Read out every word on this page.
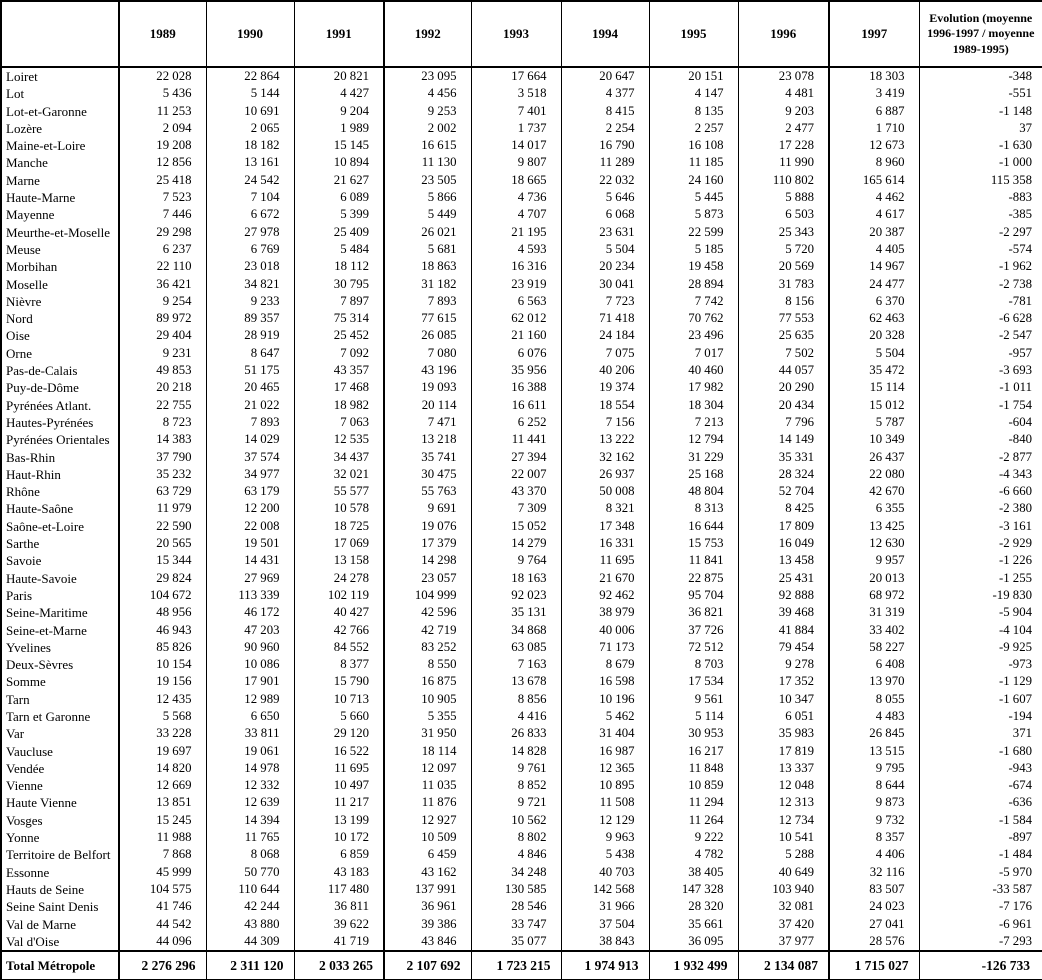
	1989	1990	1991	1992	1993	1994	1995	1996	1997	Evolution (moyenne 1996-1997 / moyenne 1989-1995)
Loiret	22 028	22 864	20 821	23 095	17 664	20 647	20 151	23 078	18 303	-348
Lot	5 436	5 144	4 427	4 456	3 518	4 377	4 147	4 481	3 419	-551
Lot-et-Garonne	11 253	10 691	9 204	9 253	7 401	8 415	8 135	9 203	6 887	-1 148
Lozère	2 094	2 065	1 989	2 002	1 737	2 254	2 257	2 477	1 710	37
Maine-et-Loire	19 208	18 182	15 145	16 615	14 017	16 790	16 108	17 228	12 673	-1 630
Manche	12 856	13 161	10 894	11 130	9 807	11 289	11 185	11 990	8 960	-1 000
Marne	25 418	24 542	21 627	23 505	18 665	22 032	24 160	110 802	165 614	115 358
Haute-Marne	7 523	7 104	6 089	5 866	4 736	5 646	5 445	5 888	4 462	-883
Mayenne	7 446	6 672	5 399	5 449	4 707	6 068	5 873	6 503	4 617	-385
Meurthe-et-Moselle	29 298	27 978	25 409	26 021	21 195	23 631	22 599	25 343	20 387	-2 297
Meuse	6 237	6 769	5 484	5 681	4 593	5 504	5 185	5 720	4 405	-574
Morbihan	22 110	23 018	18 112	18 863	16 316	20 234	19 458	20 569	14 967	-1 962
Moselle	36 421	34 821	30 795	31 182	23 919	30 041	28 894	31 783	24 477	-2 738
Nièvre	9 254	9 233	7 897	7 893	6 563	7 723	7 742	8 156	6 370	-781
Nord	89 972	89 357	75 314	77 615	62 012	71 418	70 762	77 553	62 463	-6 628
Oise	29 404	28 919	25 452	26 085	21 160	24 184	23 496	25 635	20 328	-2 547
Orne	9 231	8 647	7 092	7 080	6 076	7 075	7 017	7 502	5 504	-957
Pas-de-Calais	49 853	51 175	43 357	43 196	35 956	40 206	40 460	44 057	35 472	-3 693
Puy-de-Dôme	20 218	20 465	17 468	19 093	16 388	19 374	17 982	20 290	15 114	-1 011
Pyrénées Atlant.	22 755	21 022	18 982	20 114	16 611	18 554	18 304	20 434	15 012	-1 754
Hautes-Pyrénées	8 723	7 893	7 063	7 471	6 252	7 156	7 213	7 796	5 787	-604
Pyrénées Orientales	14 383	14 029	12 535	13 218	11 441	13 222	12 794	14 149	10 349	-840
Bas-Rhin	37 790	37 574	34 437	35 741	27 394	32 162	31 229	35 331	26 437	-2 877
Haut-Rhin	35 232	34 977	32 021	30 475	22 007	26 937	25 168	28 324	22 080	-4 343
Rhône	63 729	63 179	55 577	55 763	43 370	50 008	48 804	52 704	42 670	-6 660
Haute-Saône	11 979	12 200	10 578	9 691	7 309	8 321	8 313	8 425	6 355	-2 380
Saône-et-Loire	22 590	22 008	18 725	19 076	15 052	17 348	16 644	17 809	13 425	-3 161
Sarthe	20 565	19 501	17 069	17 379	14 279	16 331	15 753	16 049	12 630	-2 929
Savoie	15 344	14 431	13 158	14 298	9 764	11 695	11 841	13 458	9 957	-1 226
Haute-Savoie	29 824	27 969	24 278	23 057	18 163	21 670	22 875	25 431	20 013	-1 255
Paris	104 672	113 339	102 119	104 999	92 023	92 462	95 704	92 888	68 972	-19 830
Seine-Maritime	48 956	46 172	40 427	42 596	35 131	38 979	36 821	39 468	31 319	-5 904
Seine-et-Marne	46 943	47 203	42 766	42 719	34 868	40 006	37 726	41 884	33 402	-4 104
Yvelines	85 826	90 960	84 552	83 252	63 085	71 173	72 512	79 454	58 227	-9 925
Deux-Sèvres	10 154	10 086	8 377	8 550	7 163	8 679	8 703	9 278	6 408	-973
Somme	19 156	17 901	15 790	16 875	13 678	16 598	17 534	17 352	13 970	-1 129
Tarn	12 435	12 989	10 713	10 905	8 856	10 196	9 561	10 347	8 055	-1 607
Tarn et Garonne	5 568	6 650	5 660	5 355	4 416	5 462	5 114	6 051	4 483	-194
Var	33 228	33 811	29 120	31 950	26 833	31 404	30 953	35 983	26 845	371
Vaucluse	19 697	19 061	16 522	18 114	14 828	16 987	16 217	17 819	13 515	-1 680
Vendée	14 820	14 978	11 695	12 097	9 761	12 365	11 848	13 337	9 795	-943
Vienne	12 669	12 332	10 497	11 035	8 852	10 895	10 859	12 048	8 644	-674
Haute Vienne	13 851	12 639	11 217	11 876	9 721	11 508	11 294	12 313	9 873	-636
Vosges	15 245	14 394	13 199	12 927	10 562	12 129	11 264	12 734	9 732	-1 584
Yonne	11 988	11 765	10 172	10 509	8 802	9 963	9 222	10 541	8 357	-897
Territoire de Belfort	7 868	8 068	6 859	6 459	4 846	5 438	4 782	5 288	4 406	-1 484
Essonne	45 999	50 770	43 183	43 162	34 248	40 703	38 405	40 649	32 116	-5 970
Hauts de Seine	104 575	110 644	117 480	137 991	130 585	142 568	147 328	103 940	83 507	-33 587
Seine Saint Denis	41 746	42 244	36 811	36 961	28 546	31 966	28 320	32 081	24 023	-7 176
Val de Marne	44 542	43 880	39 622	39 386	33 747	37 504	35 661	37 420	27 041	-6 961
Val d'Oise	44 096	44 309	41 719	43 846	35 077	38 843	36 095	37 977	28 576	-7 293
Total Métropole	2 276 296	2 311 120	2 033 265	2 107 692	1 723 215	1 974 913	1 932 499	2 134 087	1 715 027	-126 733
